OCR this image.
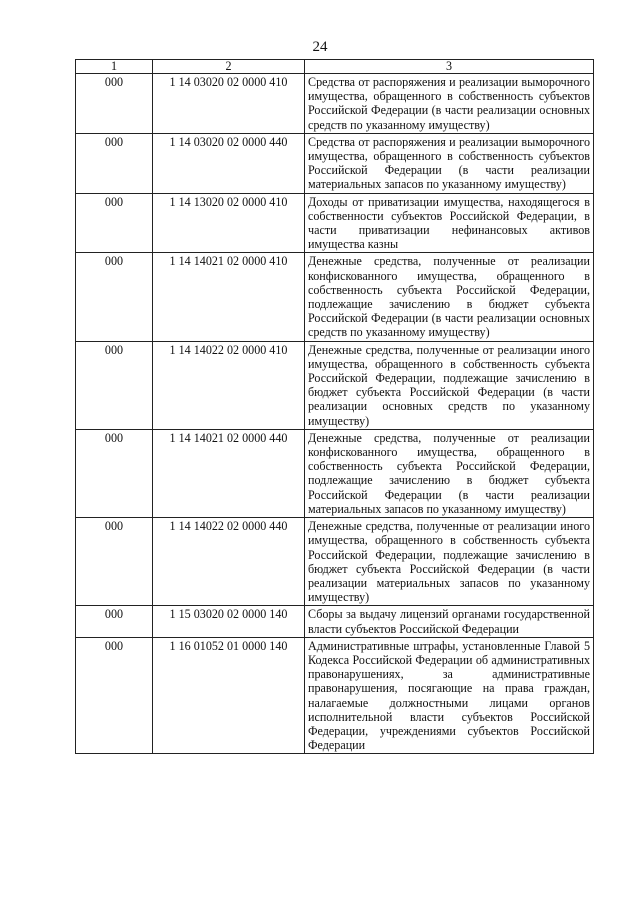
24
1	2	3
000	1 14 03020 02 0000 410	Средства от распоряжения и реализации выморочного имущества, обращенного в собственность субъектов Российской Федерации (в части реализации основных средств по указанному имуществу)
000	1 14 03020 02 0000 440	Средства от распоряжения и реализации выморочного имущества, обращенного в собственность субъектов Российской Федерации (в части реализации материальных запасов по указанному имуществу)
000	1 14 13020 02 0000 410	Доходы от приватизации имущества, находящегося в собственности субъектов Российской Федерации, в части приватизации нефинансовых активов имущества казны
000	1 14 14021 02 0000 410	Денежные средства, полученные от реализации конфискованного имущества, обращенного в собственность субъекта Российской Федерации, подлежащие зачислению в бюджет субъекта Российской Федерации (в части реализации основных средств по указанному имуществу)
000	1 14 14022 02 0000 410	Денежные средства, полученные от реализации иного имущества, обращенного в собственность субъекта Российской Федерации, подлежащие зачислению в бюджет субъекта Российской Федерации (в части реализации основных средств по указанному имуществу)
000	1 14 14021 02 0000 440	Денежные средства, полученные от реализации конфискованного имущества, обращенного в собственность субъекта Российской Федерации, подлежащие зачислению в бюджет субъекта Российской Федерации (в части реализации материальных запасов по указанному имуществу)
000	1 14 14022 02 0000 440	Денежные средства, полученные от реализации иного имущества, обращенного в собственность субъекта Российской Федерации, подлежащие зачислению в бюджет субъекта Российской Федерации (в части реализации материальных запасов по указанному имуществу)
000	1 15 03020 02 0000 140	Сборы за выдачу лицензий органами государственной власти субъектов Российской Федерации
000	1 16 01052 01 0000 140	Административные штрафы, установленные Главой 5 Кодекса Российской Федерации об административных правонарушениях, за административные правонарушения, посягающие на права граждан, налагаемые должностными лицами органов исполнительной власти субъектов Российской Федерации, учреждениями субъектов Российской Федерации
